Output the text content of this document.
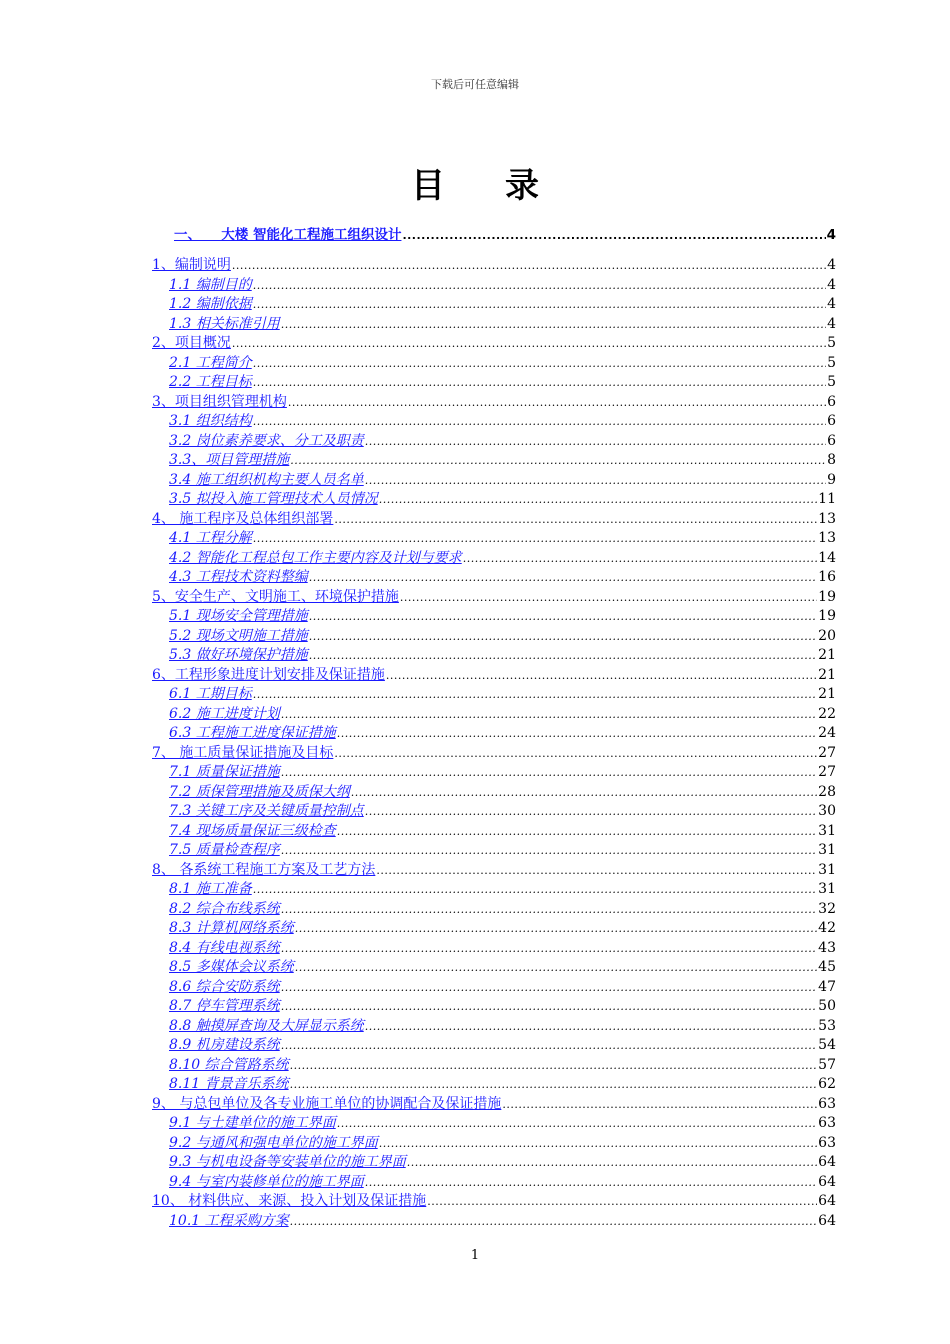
下载后可任意编辑
目 录
一、　　大楼 智能化工程施工组织设计 .....	4
1、编制说明 .....	4
1.1 编制目的 .....	4
1.2 编制依据 .....	4
1.3 相关标准引用 .....	4
2、项目概况 .....	5
2.1 工程简介 .....	5
2.2 工程目标 .....	5
3、项目组织管理机构 .....	6
3.1 组织结构 .....	6
3.2 岗位素养要求、分工及职责 .....	6
3.3、项目管理措施 .....	8
3.4 施工组织机构主要人员名单 .....	9
3.5 拟投入施工管理技术人员情况 .....	11
4、 施工程序及总体组织部署 .....	13
4.1 工程分解 .....	13
4.2 智能化工程总包工作主要内容及计划与要求 .....	14
4.3 工程技术资料整编 .....	16
5、安全生产、文明施工、环境保护措施 .....	19
5.1 现场安全管理措施 .....	19
5.2 现场文明施工措施 .....	20
5.3 做好环境保护措施 .....	21
6、工程形象进度计划安排及保证措施 .....	21
6.1 工期目标 .....	21
6.2 施工进度计划 .....	22
6.3 工程施工进度保证措施 .....	24
7、 施工质量保证措施及目标 .....	27
7.1 质量保证措施 .....	27
7.2 质保管理措施及质保大纲 .....	28
7.3 关键工序及关键质量控制点 .....	30
7.4 现场质量保证三级检查 .....	31
7.5 质量检查程序 .....	31
8、 各系统工程施工方案及工艺方法 .....	31
8.1 施工准备 .....	31
8.2 综合布线系统 .....	32
8.3 计算机网络系统 .....	42
8.4 有线电视系统 .....	43
8.5 多媒体会议系统 .....	45
8.6 综合安防系统 .....	47
8.7 停车管理系统 .....	50
8.8 触摸屏查询及大屏显示系统 .....	53
8.9 机房建设系统 .....	54
8.10 综合管路系统 .....	57
8.11 背景音乐系统 .....	62
9、 与总包单位及各专业施工单位的协调配合及保证措施 .....	63
9.1 与土建单位的施工界面 .....	63
9.2 与通风和强电单位的施工界面 .....	63
9.3 与机电设备等安装单位的施工界面 .....	64
9.4 与室内装修单位的施工界面 .....	64
10、 材料供应、来源、投入计划及保证措施 .....	64
10.1 工程采购方案 .....	64
1
